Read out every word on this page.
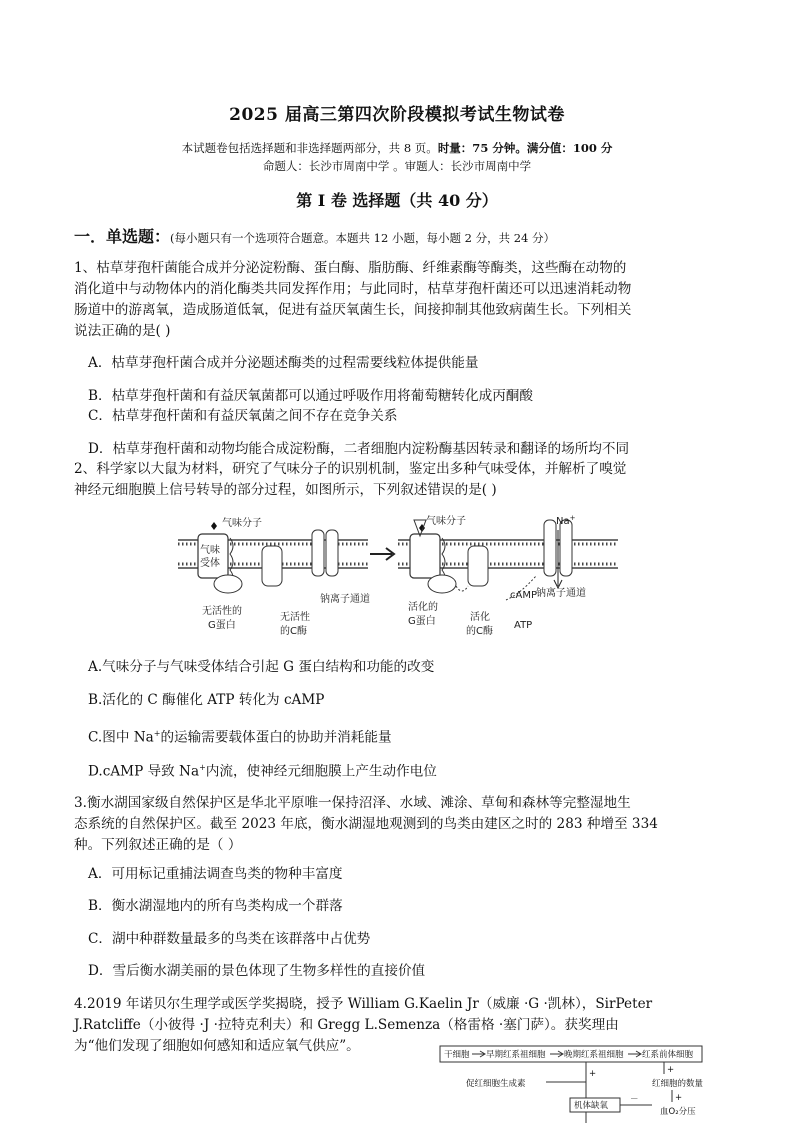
2025 届高三第四次阶段模拟考试生物试卷
本试题卷包括选择题和非选择题两部分，共 8 页。时量：75 分钟。满分值：100 分
命题人：长沙市周南中学 。审题人：长沙市周南中学
第 I 卷 选择题（共 40 分）
一．单选题：(每小题只有一个选项符合题意。本题共 12 小题，每小题 2 分，共 24 分）
1、枯草芽孢杆菌能合成并分泌淀粉酶、蛋白酶、脂肪酶、纤维素酶等酶类，这些酶在动物的
消化道中与动物体内的消化酶类共同发挥作用；与此同时，枯草芽孢杆菌还可以迅速消耗动物
肠道中的游离氧，造成肠道低氧，促进有益厌氧菌生长，间接抑制其他致病菌生长。下列相关
说法正确的是( )
A．枯草芽孢杆菌合成并分泌题述酶类的过程需要线粒体提供能量
B．枯草芽孢杆菌和有益厌氧菌都可以通过呼吸作用将葡萄糖转化成丙酮酸
C．枯草芽孢杆菌和有益厌氧菌之间不存在竞争关系
D．枯草芽孢杆菌和动物均能合成淀粉酶，二者细胞内淀粉酶基因转录和翻译的场所均不同
2、科学家以大鼠为材料，研究了气味分子的识别机制，鉴定出多种气味受体，并解析了嗅觉
神经元细胞膜上信号转导的部分过程，如图所示，下列叙述错误的是( )
气味分子
气味
受体
无活性的
G蛋白
无活性
的C酶
钠离子通道
气味分子
活化的
G蛋白	活化
的C酶
cAMP
ATP
Na+
钠离子通道
A.气味分子与气味受体结合引起 G 蛋白结构和功能的改变
B.活化的 C 酶催化 ATP 转化为 cAMP
C.图中 Na+的运输需要载体蛋白的协助并消耗能量
D.cAMP 导致 Na+内流，使神经元细胞膜上产生动作电位
3.衡水湖国家级自然保护区是华北平原唯一保持沼泽、水域、滩涂、草甸和森林等完整湿地生
态系统的自然保护区。截至 2023 年底，衡水湖湿地观测到的鸟类由建区之时的 283 种增至 334
种。下列叙述正确的是（ ）
A．可用标记重捕法调查鸟类的物种丰富度
B．衡水湖湿地内的所有鸟类构成一个群落
C．湖中种群数量最多的鸟类在该群落中占优势
D．雪后衡水湖美丽的景色体现了生物多样性的直接价值
4.2019 年诺贝尔生理学或医学奖揭晓，授予 William G.Kaelin Jr（威廉 ·G ·凯林），SirPeter
J.Ratcliffe（小彼得 ·J ·拉特克利夫）和 Gregg L.Semenza（格雷格 ·塞门萨）。获奖理由
为“他们发现了细胞如何感知和适应氧气供应”。
干细胞 早期红系祖细胞 晚期红系祖细胞 红系前体细胞
+
促红细胞生成素
机体缺氧
－
+
红细胞的数量
+
血O₂分压
